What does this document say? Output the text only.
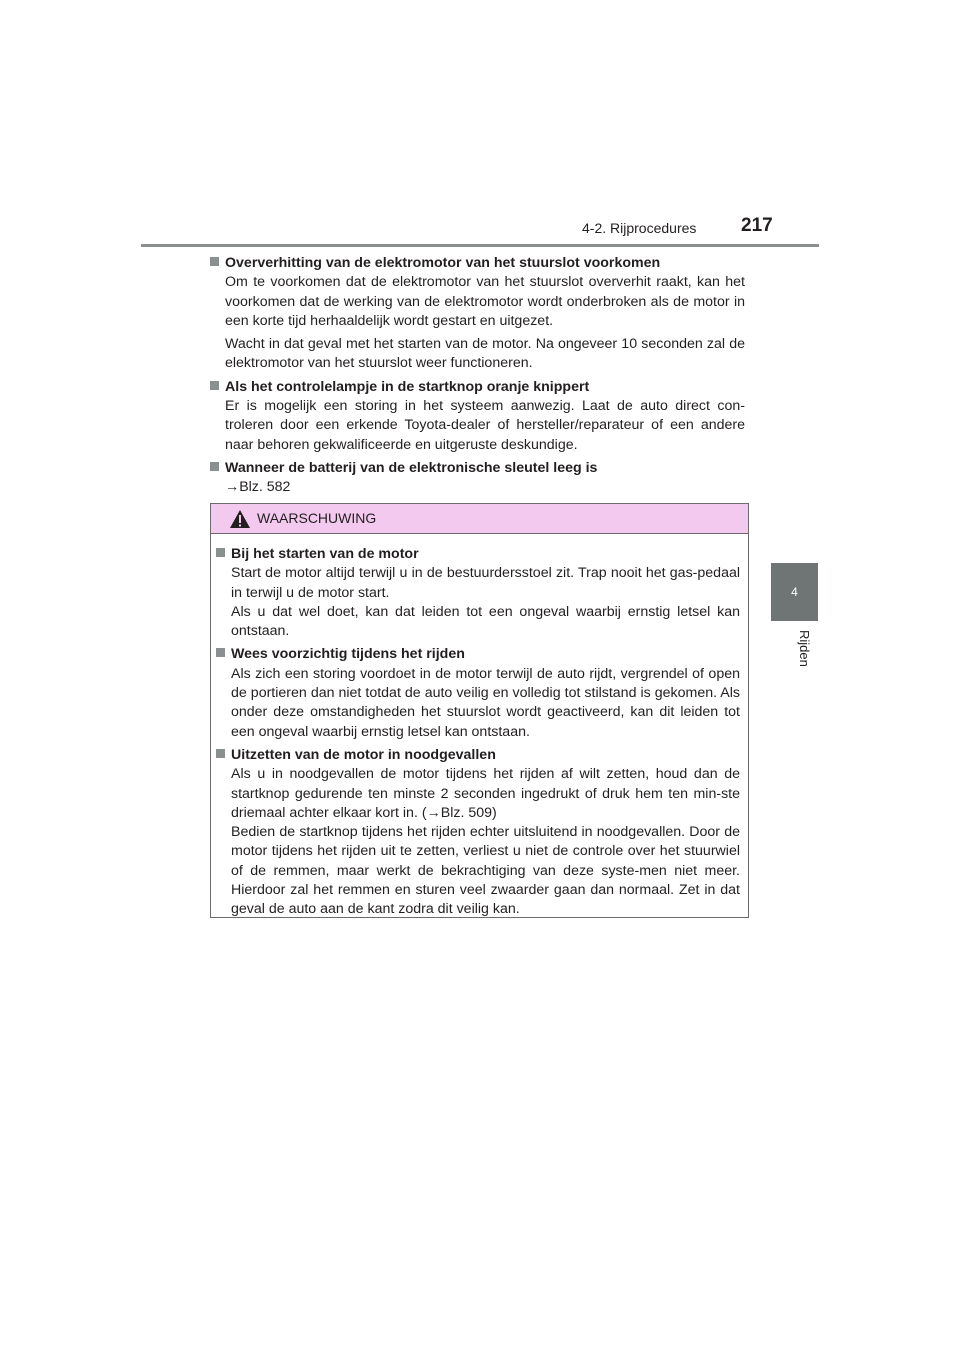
4-2. Rijprocedures 217
4
Rijden
Oververhitting van de elektromotor van het stuurslot voorkomen

Om te voorkomen dat de elektromotor van het stuurslot oververhit raakt, kan het voorkomen dat de werking van de elektromotor wordt onderbroken als de motor in een korte tijd herhaaldelijk wordt gestart en uitgezet.

Wacht in dat geval met het starten van de motor. Na ongeveer 10 seconden zal de elektromotor van het stuurslot weer functioneren.

Als het controlelampje in de startknop oranje knippert

Er is mogelijk een storing in het systeem aanwezig. Laat de auto direct con-troleren door een erkende Toyota-dealer of hersteller/reparateur of een andere naar behoren gekwalificeerde en uitgeruste deskundige.

Wanneer de batterij van de elektronische sleutel leeg is
→Blz. 582
WAARSCHUWING
Bij het starten van de motor

Start de motor altijd terwijl u in de bestuurdersstoel zit. Trap nooit het gas-pedaal in terwijl u de motor start.

Als u dat wel doet, kan dat leiden tot een ongeval waarbij ernstig letsel kan ontstaan.

Wees voorzichtig tijdens het rijden

Als zich een storing voordoet in de motor terwijl de auto rijdt, vergrendel of open de portieren dan niet totdat de auto veilig en volledig tot stilstand is gekomen. Als onder deze omstandigheden het stuurslot wordt geactiveerd, kan dit leiden tot een ongeval waarbij ernstig letsel kan ontstaan.

Uitzetten van de motor in noodgevallen

Als u in noodgevallen de motor tijdens het rijden af wilt zetten, houd dan de startknop gedurende ten minste 2 seconden ingedrukt of druk hem ten min-ste driemaal achter elkaar kort in. (→Blz. 509)

Bedien de startknop tijdens het rijden echter uitsluitend in noodgevallen. Door de motor tijdens het rijden uit te zetten, verliest u niet de controle over het stuurwiel of de remmen, maar werkt de bekrachtiging van deze syste-men niet meer. Hierdoor zal het remmen en sturen veel zwaarder gaan dan normaal. Zet in dat geval de auto aan de kant zodra dit veilig kan.
